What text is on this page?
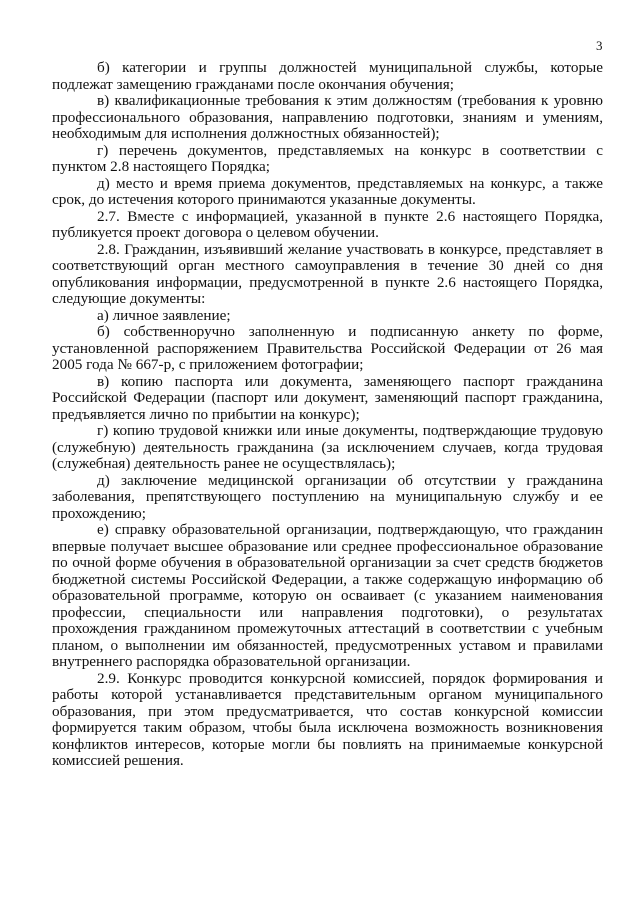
3

б) категории и группы должностей муниципальной службы, которые подлежат замещению гражданами после окончания обучения;

в) квалификационные требования к этим должностям (требования к уровню профессионального образования, направлению подготовки, знаниям и умениям, необходимым для исполнения должностных обязанностей);

г) перечень документов, представляемых на конкурс в соответствии с пунктом 2.8 настоящего Порядка;

д) место и время приема документов, представляемых на конкурс, а также срок, до истечения которого принимаются указанные документы.

2.7. Вместе с информацией, указанной в пункте 2.6 настоящего Порядка, публикуется проект договора о целевом обучении.

2.8. Гражданин, изъявивший желание участвовать в конкурсе, представляет в соответствующий орган местного самоуправления в течение 30 дней со дня опубликования информации, предусмотренной в пункте 2.6 настоящего Порядка, следующие документы:

а) личное заявление;

б) собственноручно заполненную и подписанную анкету по форме, установленной распоряжением Правительства Российской Федерации от 26 мая 2005 года № 667-р, с приложением фотографии;

в) копию паспорта или документа, заменяющего паспорт гражданина Российской Федерации (паспорт или документ, заменяющий паспорт гражданина, предъявляется лично по прибытии на конкурс);

г) копию трудовой книжки или иные документы, подтверждающие трудовую (служебную) деятельность гражданина (за исключением случаев, когда трудовая (служебная) деятельность ранее не осуществлялась);

д) заключение медицинской организации об отсутствии у гражданина заболевания, препятствующего поступлению на муниципальную службу и ее прохождению;

е) справку образовательной организации, подтверждающую, что гражданин впервые получает высшее образование или среднее профессиональное образование по очной форме обучения в образовательной организации за счет средств бюджетов бюджетной системы Российской Федерации, а также содержащую информацию об образовательной программе, которую он осваивает (с указанием наименования профессии, специальности или направления подготовки), о результатах прохождения гражданином промежуточных аттестаций в соответствии с учебным планом, о выполнении им обязанностей, предусмотренных уставом и правилами внутреннего распорядка образовательной организации.

2.9. Конкурс проводится конкурсной комиссией, порядок формирования и работы которой устанавливается представительным органом муниципального образования, при этом предусматривается, что состав конкурсной комиссии формируется таким образом, чтобы была исключена возможность возникновения конфликтов интересов, которые могли бы повлиять на принимаемые конкурсной комиссией решения.
